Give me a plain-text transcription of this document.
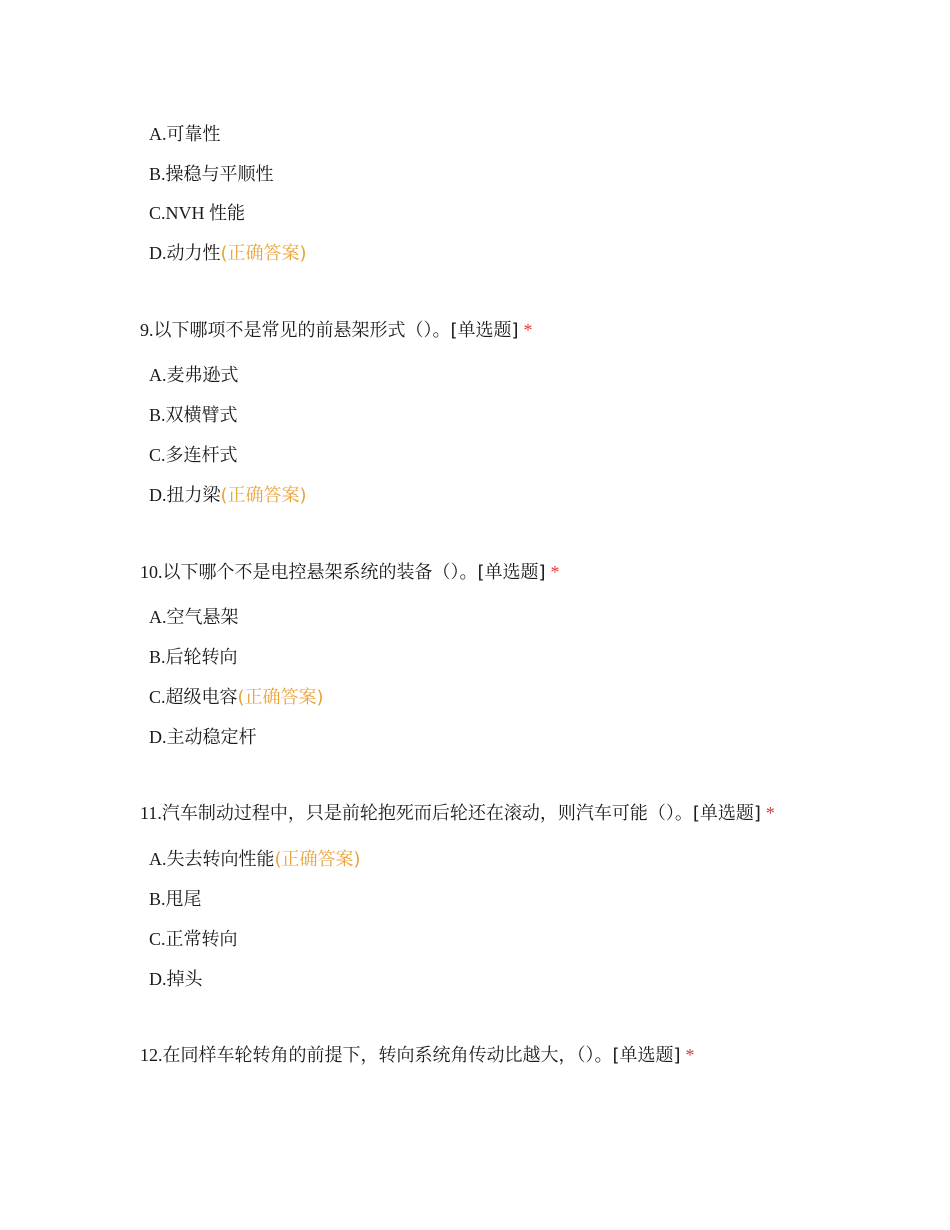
A.可靠性
B.操稳与平顺性
C.NVH 性能
D.动力性(正确答案)
9.以下哪项不是常见的前悬架形式（）。[单选题] *
A.麦弗逊式
B.双横臂式
C.多连杆式
D.扭力梁(正确答案)
10.以下哪个不是电控悬架系统的装备（）。[单选题] *
A.空气悬架
B.后轮转向
C.超级电容(正确答案)
D.主动稳定杆
11.汽车制动过程中，只是前轮抱死而后轮还在滚动，则汽车可能（）。[单选题] *
A.失去转向性能(正确答案)
B.甩尾
C.正常转向
D.掉头
12.在同样车轮转角的前提下，转向系统角传动比越大，（）。[单选题] *
